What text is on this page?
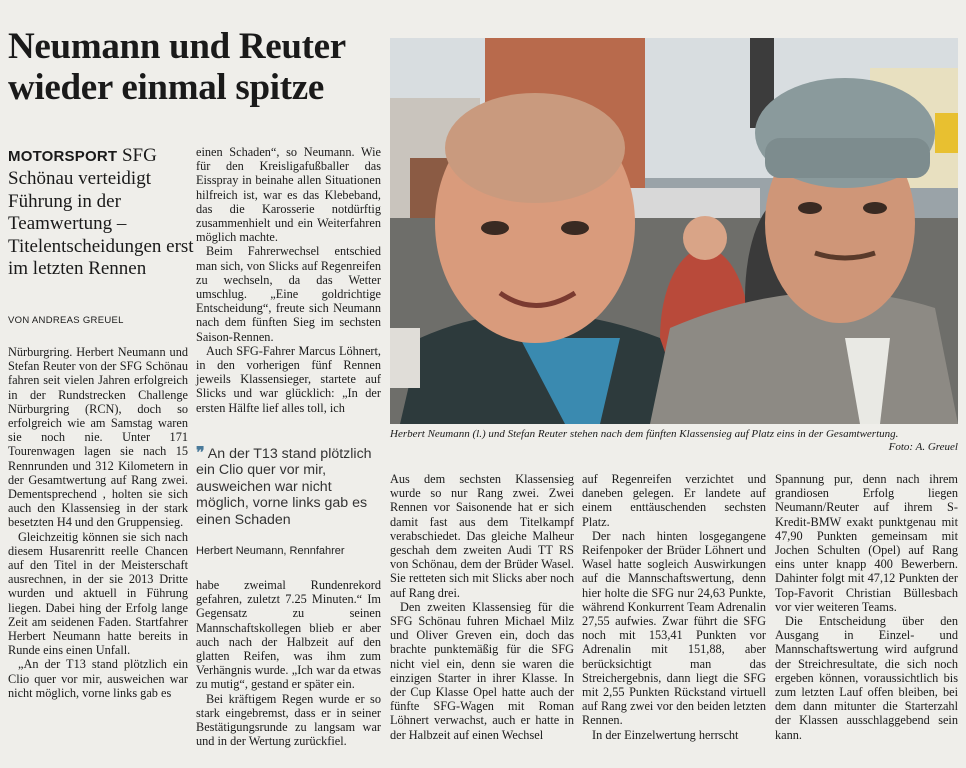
Neumann und Reuter wieder einmal spitze
MOTORSPORT SFG Schönau verteidigt Führung in der Teamwertung – Titelentscheidungen erst im letzten Rennen
VON ANDREAS GREUEL

Nürburgring. Herbert Neumann und Stefan Reuter von der SFG Schönau fahren seit vielen Jahren erfolgreich in der Rundstrecken Challenge Nürburgring (RCN), doch so erfolgreich wie am Samstag waren sie noch nie. Unter 171 Tourenwagen lagen sie nach 15 Rennrunden und 312 Kilometern in der Gesamtwertung auf Rang zwei. Dementsprechend , holten sie sich auch den Klassensieg in der stark besetzten H4 und den Gruppensieg.

Gleichzeitig können sie sich nach diesem Husarenritt reelle Chancen auf den Titel in der Meisterschaft ausrechnen, in der sie 2013 Dritte wurden und aktuell in Führung liegen. Dabei hing der Erfolg lange Zeit am seidenen Faden. Startfahrer Herbert Neumann hatte bereits in Runde eins einen Unfall.

„An der T13 stand plötzlich ein Clio quer vor mir, ausweichen war nicht möglich, vorne links gab es

einen Schaden“, so Neumann. Wie für den Kreisligafußballer das Eisspray in beinahe allen Situationen hilfreich ist, war es das Klebeband, das die Karosserie notdürftig zusammenhielt und ein Weiterfahren möglich machte.

Beim Fahrerwechsel entschied man sich, von Slicks auf Regenreifen zu wechseln, da das Wetter umschlug. „Eine goldrichtige Entscheidung“, freute sich Neumann nach dem fünften Sieg im sechsten Saison-Rennen.

Auch SFG-Fahrer Marcus Löhnert, in den vorherigen fünf Rennen jeweils Klassensieger, startete auf Slicks und war glücklich: „In der ersten Hälfte lief alles toll, ich

❞ An der T13 stand plötzlich ein Clio quer vor mir, ausweichen war nicht möglich, vorne links gab es einen Schaden
Herbert Neumann, Rennfahrer

habe zweimal Rundenrekord gefahren, zuletzt 7.25 Minuten.“ Im Gegensatz zu seinen Mannschaftskollegen blieb er aber auch nach der Halbzeit auf den glatten Reifen, was ihm zum Verhängnis wurde. „Ich war da etwas zu mutig“, gestand er später ein.

Bei kräftigem Regen wurde er so stark eingebremst, dass er in seiner Bestätigungsrunde zu langsam war und in der Wertung zurückfiel.

Herbert Neumann (l.) und Stefan Reuter stehen nach dem fünften Klassensieg auf Platz eins in der Gesamtwertung.
Foto: A. Greuel

Aus dem sechsten Klassensieg wurde so nur Rang zwei. Zwei Rennen vor Saisonende hat er sich damit fast aus dem Titelkampf verabschiedet. Das gleiche Malheur geschah dem zweiten Audi TT RS von Schönau, dem der Brüder Wasel. Sie retteten sich mit Slicks aber noch auf Rang drei.

Den zweiten Klassensieg für die SFG Schönau fuhren Michael Milz und Oliver Greven ein, doch das brachte punktemäßig für die SFG nicht viel ein, denn sie waren die einzigen Starter in ihrer Klasse. In der Cup Klasse Opel hatte auch der fünfte SFG-Wagen mit Roman Löhnert verwachst, auch er hatte in der Halbzeit auf einen Wechsel

auf Regenreifen verzichtet und daneben gelegen. Er landete auf einem enttäuschenden sechsten Platz.

Der nach hinten losgegangene Reifenpoker der Brüder Löhnert und Wasel hatte sogleich Auswirkungen auf die Mannschaftswertung, denn hier holte die SFG nur 24,63 Punkte, während Konkurrent Team Adrenalin 27,55 aufwies. Zwar führt die SFG noch mit 153,41 Punkten vor Adrenalin mit 151,88, aber berücksichtigt man das Streichergebnis, dann liegt die SFG mit 2,55 Punkten Rückstand virtuell auf Rang zwei vor den beiden letzten Rennen.

In der Einzelwertung herrscht

Spannung pur, denn nach ihrem grandiosen Erfolg liegen Neumann/Reuter auf ihrem S-Kredit-BMW exakt punktgenau mit 47,90 Punkten gemeinsam mit Jochen Schulten (Opel) auf Rang eins unter knapp 400 Bewerbern. Dahinter folgt mit 47,12 Punkten der Top-Favorit Christian Büllesbach vor vier weiteren Teams.

Die Entscheidung über den Ausgang in Einzel- und Mannschaftswertung wird aufgrund der Streichresultate, die sich noch ergeben können, voraussichtlich bis zum letzten Lauf offen bleiben, bei dem dann mitunter die Starterzahl der Klassen ausschlaggebend sein kann.
